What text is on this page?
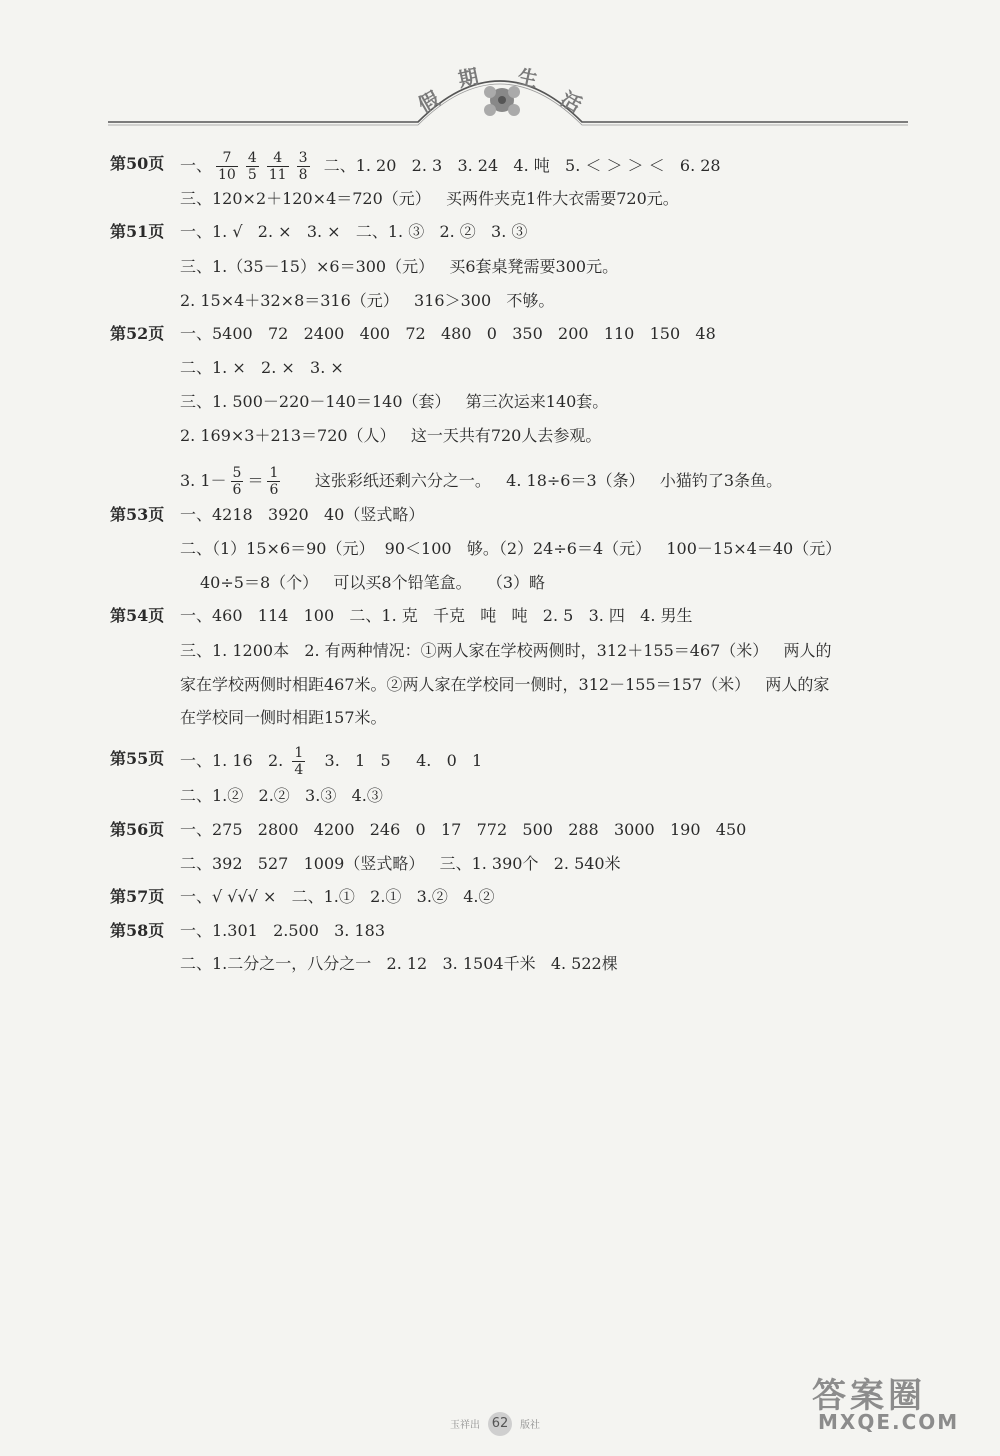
假
期 生
活
第50页 一、 $\frac{7}{10} \frac{4}{5} \frac{4}{11} \frac{3}{8}$ 二、1. 20   2. 3   3. 24   4. 吨   5. ＜ ＞ ＞ ＜   6. 28
三、120×2＋120×4＝720（元）   买两件夹克1件大衣需要720元。
第51页 一、1. √   2. ×   3. ×   二、1. ③   2. ②   3. ③
三、1.（35－15）×6＝300（元）   买6套桌凳需要300元。
2. 15×4＋32×8＝316（元）   316＞300   不够。
第52页 一、5400   72   2400   400   72   480   0   350   200   110   150   48
二、1. ×   2. ×   3. ×
三、1. 500－220－140＝140（套）   第三次运来140套。
2. 169×3＋213＝720（人）   这一天共有720人去参观。
3. $1- \frac{5}{6} = \frac{1}{6}$ 这张彩纸还剩六分之一。   4. 18÷6＝3（条）   小猫钓了3条鱼。
第53页 一、4218   3920   40（竖式略）
二、（1）15×6＝90（元）  90＜100   够。（2）24÷6＝4（元）   100－15×4＝40（元）
40÷5＝8（个）   可以买8个铅笔盒。   （3）略
第54页 一、460   114   100   二、1. 克   千克   吨   吨   2. 5   3. 四   4. 男生
三、1. 1200本   2. 有两种情况：①两人家在学校两侧时，312＋155＝467（米）   两人的
家在学校两侧时相距467米。②两人家在学校同一侧时，312－155＝157（米）   两人的家
在学校同一侧时相距157米。
第55页 一、1. 16   2. $\frac{1}{4} 3$.   1   5     4.   0   1
二、1.②   2.②   3.③   4.③
第56页 一、275   2800   4200   246   0   17   772   500   288   3000   190   450
二、392   527   1009（竖式略）   三、1. 390个   2. 540米
第57页 一、√ √√√ ×   二、1.①   2.①   3.②   4.②
第58页 一、1.301   2.500   3. 183
二、1.二分之一，八分之一   2. 12   3. 1504千米   4. 522棵
玉祥出 62	版社
答案圈
MXQE.COM
